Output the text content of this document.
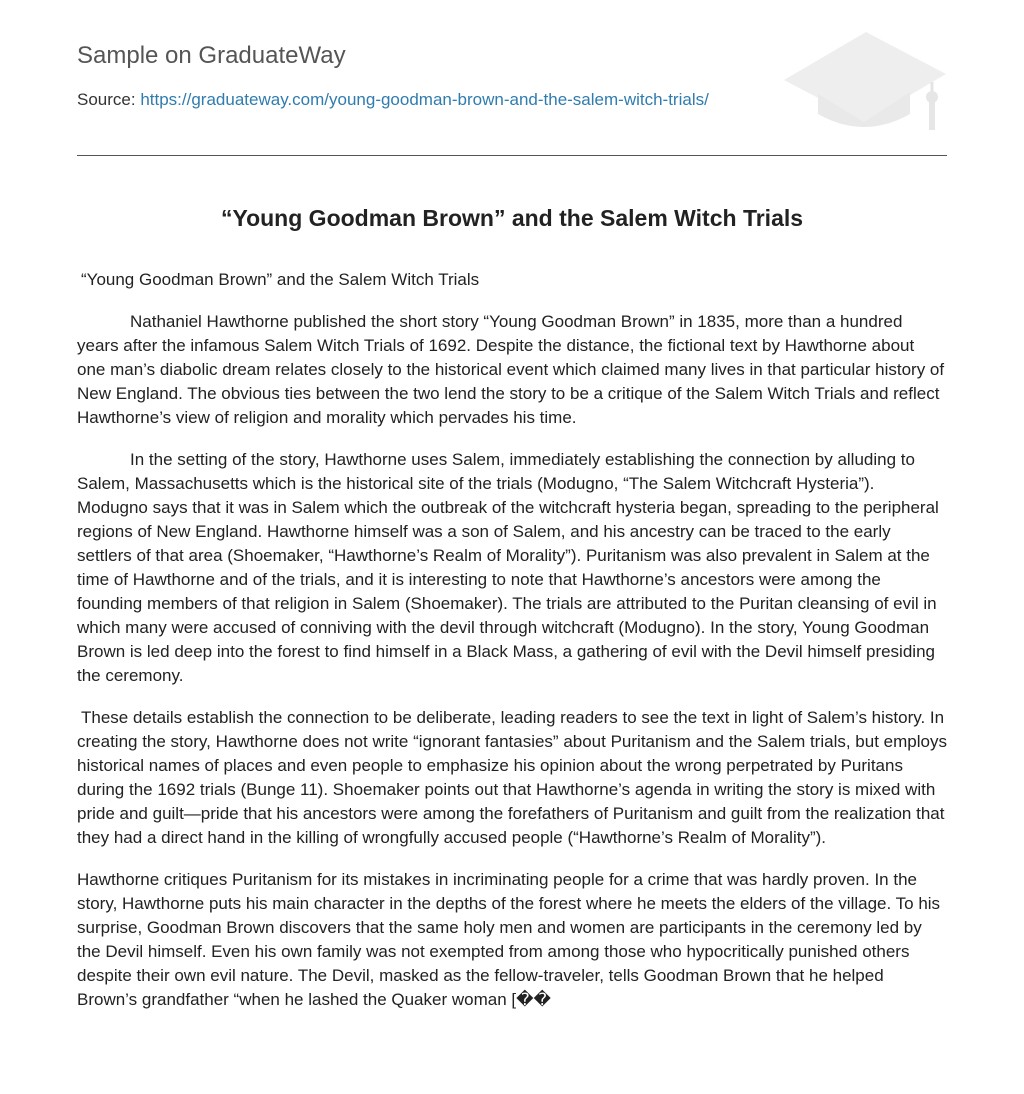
Sample on GraduateWay
Source: https://graduateway.com/young-goodman-brown-and-the-salem-witch-trials/
“Young Goodman Brown” and the Salem Witch Trials

“Young Goodman Brown” and the Salem Witch Trials

Nathaniel Hawthorne published the short story “Young Goodman Brown” in 1835, more than a hundred years after the infamous Salem Witch Trials of 1692. Despite the distance, the fictional text by Hawthorne about one man’s diabolic dream relates closely to the historical event which claimed many lives in that particular history of New England. The obvious ties between the two lend the story to be a critique of the Salem Witch Trials and reflect Hawthorne’s view of religion and morality which pervades his time.

In the setting of the story, Hawthorne uses Salem, immediately establishing the connection by alluding to Salem, Massachusetts which is the historical site of the trials (Modugno, “The Salem Witchcraft Hysteria”). Modugno says that it was in Salem which the outbreak of the witchcraft hysteria began, spreading to the peripheral regions of New England. Hawthorne himself was a son of Salem, and his ancestry can be traced to the early settlers of that area (Shoemaker, “Hawthorne’s Realm of Morality”). Puritanism was also prevalent in Salem at the time of Hawthorne and of the trials, and it is interesting to note that Hawthorne’s ancestors were among the founding members of that religion in Salem (Shoemaker). The trials are attributed to the Puritan cleansing of evil in which many were accused of conniving with the devil through witchcraft (Modugno). In the story, Young Goodman Brown is led deep into the forest to find himself in a Black Mass, a gathering of evil with the Devil himself presiding the ceremony.

These details establish the connection to be deliberate, leading readers to see the text in light of Salem’s history. In creating the story, Hawthorne does not write “ignorant fantasies” about Puritanism and the Salem trials, but employs historical names of places and even people to emphasize his opinion about the wrong perpetrated by Puritans during the 1692 trials (Bunge 11). Shoemaker points out that Hawthorne’s agenda in writing the story is mixed with pride and guilt—pride that his ancestors were among the forefathers of Puritanism and guilt from the realization that they had a direct hand in the killing of wrongfully accused people (“Hawthorne’s Realm of Morality”).

Hawthorne critiques Puritanism for its mistakes in incriminating people for a crime that was hardly proven. In the story, Hawthorne puts his main character in the depths of the forest where he meets the elders of the village. To his surprise, Goodman Brown discovers that the same holy men and women are participants in the ceremony led by the Devil himself. Even his own family was not exempted from among those who hypocritically punished others despite their own evil nature. The Devil, masked as the fellow-traveler, tells Goodman Brown that he helped Brown’s grandfather “when he lashed the Quaker woman [��
